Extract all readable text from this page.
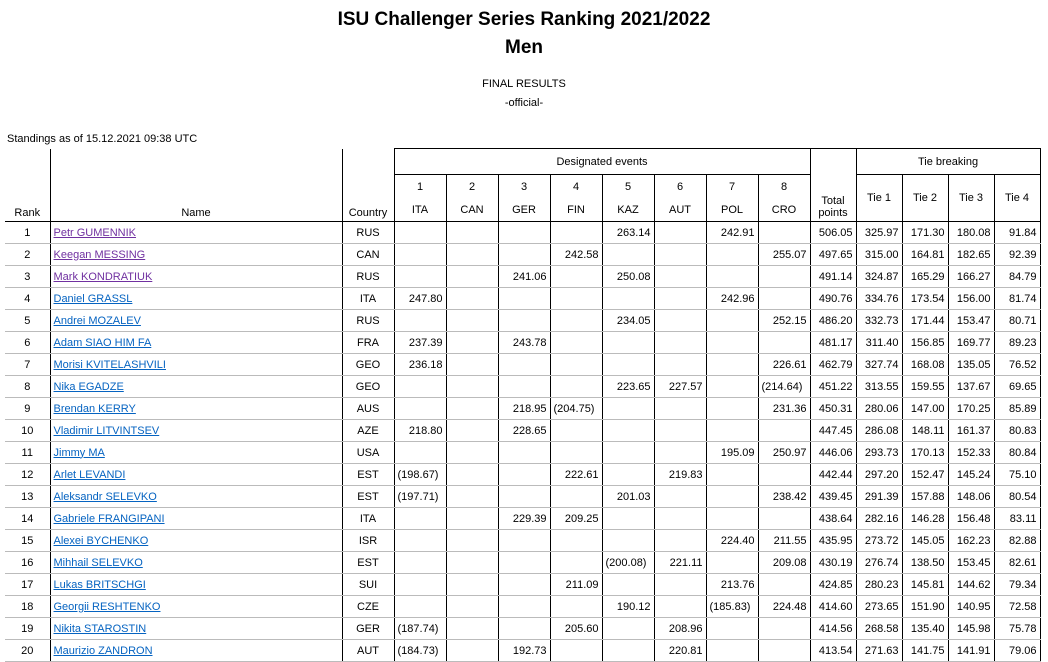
ISU Challenger Series Ranking 2021/2022
Men
FINAL RESULTS
-official-
Standings as of 15.12.2021 09:38 UTC
Rank	Name	Country	Designated events								Total
points	Tie breaking			
			1	2	3	4	5	6	7	8		Tie 1	Tie 2	Tie 3	Tie 4
			ITA	CAN	GER	FIN	KAZ	AUT	POL	CRO					
1	Petr GUMENNIK	RUS					263.14		242.91		506.05	325.97	171.30	180.08	91.84
2	Keegan MESSING	CAN				242.58				255.07	497.65	315.00	164.81	182.65	92.39
3	Mark KONDRATIUK	RUS			241.06		250.08				491.14	324.87	165.29	166.27	84.79
4	Daniel GRASSL	ITA	247.80						242.96		490.76	334.76	173.54	156.00	81.74
5	Andrei MOZALEV	RUS					234.05			252.15	486.20	332.73	171.44	153.47	80.71
6	Adam SIAO HIM FA	FRA	237.39		243.78						481.17	311.40	156.85	169.77	89.23
7	Morisi KVITELASHVILI	GEO	236.18							226.61	462.79	327.74	168.08	135.05	76.52
8	Nika EGADZE	GEO					223.65	227.57		(214.64)	451.22	313.55	159.55	137.67	69.65
9	Brendan KERRY	AUS			218.95	(204.75)				231.36	450.31	280.06	147.00	170.25	85.89
10	Vladimir LITVINTSEV	AZE	218.80		228.65						447.45	286.08	148.11	161.37	80.83
11	Jimmy MA	USA							195.09	250.97	446.06	293.73	170.13	152.33	80.84
12	Arlet LEVANDI	EST	(198.67)			222.61		219.83			442.44	297.20	152.47	145.24	75.10
13	Aleksandr SELEVKO	EST	(197.71)				201.03			238.42	439.45	291.39	157.88	148.06	80.54
14	Gabriele FRANGIPANI	ITA			229.39	209.25					438.64	282.16	146.28	156.48	83.11
15	Alexei BYCHENKO	ISR							224.40	211.55	435.95	273.72	145.05	162.23	82.88
16	Mihhail SELEVKO	EST					(200.08)	221.11		209.08	430.19	276.74	138.50	153.45	82.61
17	Lukas BRITSCHGI	SUI				211.09			213.76		424.85	280.23	145.81	144.62	79.34
18	Georgii RESHTENKO	CZE					190.12		(185.83)	224.48	414.60	273.65	151.90	140.95	72.58
19	Nikita STAROSTIN	GER	(187.74)			205.60		208.96			414.56	268.58	135.40	145.98	75.78
20	Maurizio ZANDRON	AUT	(184.73)		192.73			220.81			413.54	271.63	141.75	141.91	79.06
